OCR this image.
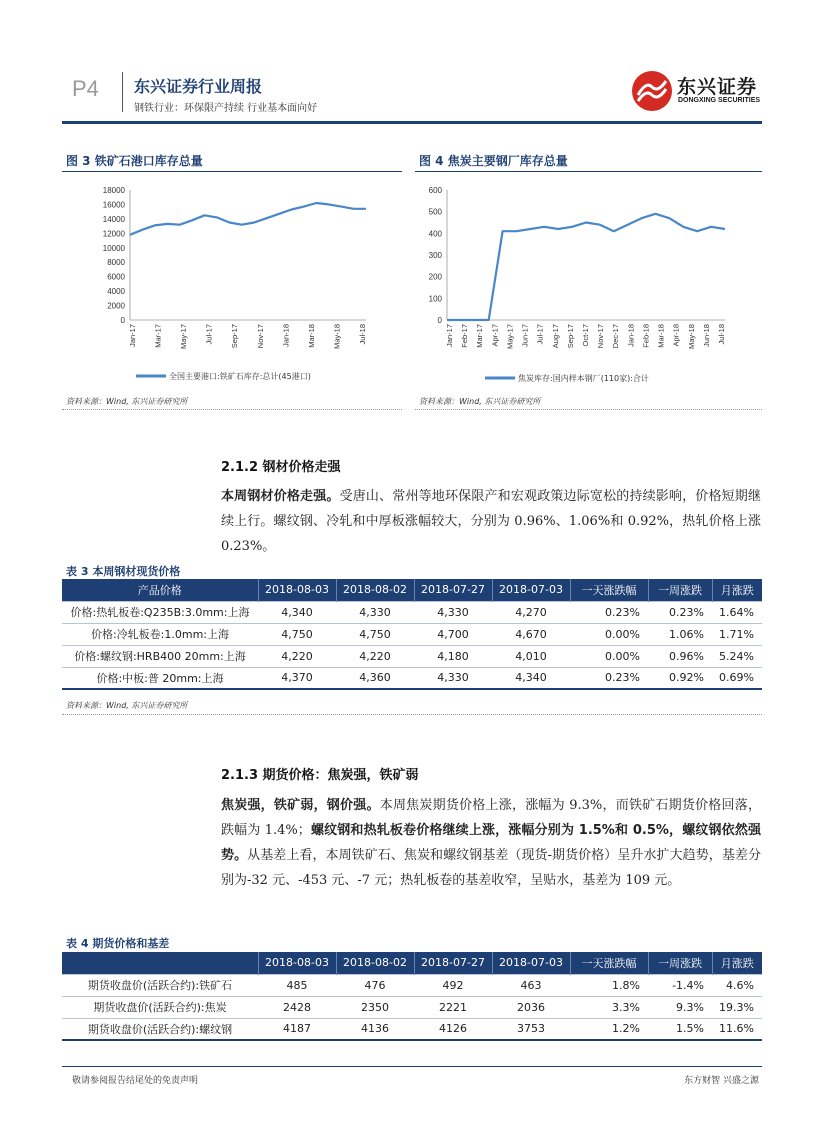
P4 东兴证券行业周报
钢铁行业：环保限产持续 行业基本面向好
东兴证券
DONGXING SECURITIES
图 3 铁矿石港口库存总量
0
2000
4000
6000
8000
10000
12000
14000
16000
18000
Jan-17 Mar-17 May-17 Jul-17 Sep-17 Nov-17 Jan-18 Mar-18 May-18 Jul-18
全国主要港口:铁矿石库存:总计(45港口)
资料来源：Wind, 东兴证券研究所
图 4 焦炭主要钢厂库存总量
0
100
200
300
400
500
600
Jan-17 Feb-17 Mar-17 Apr-17 May-17 Jun-17 Jul-17 Aug-17 Sep-17 Oct-17 Nov-17 Dec-17 Jan-18 Feb-18 Mar-18 Apr-18 May-18 Jun-18 Jul-18
焦炭库存:国内样本钢厂(110家):合计
资料来源：Wind, 东兴证券研究所
2.1.2 钢材价格走强
本周钢材价格走强。受唐山、常州等地环保限产和宏观政策边际宽松的持续影响，价格短期继续上行。螺纹钢、冷轧和中厚板涨幅较大，分别为 0.96%、1.06%和 0.92%，热轧价格上涨 0.23%。
表 3 本周钢材现货价格
产品价格	2018-08-03	2018-08-02	2018-07-27	2018-07-03	一天涨跌幅	一周涨跌	月涨跌
价格:热轧板卷:Q235B:3.0mm:上海	4,340	4,330	4,330	4,270	0.23%	0.23%	1.64%
价格:冷轧板卷:1.0mm:上海	4,750	4,750	4,700	4,670	0.00%	1.06%	1.71%
价格:螺纹钢:HRB400 20mm:上海	4,220	4,220	4,180	4,010	0.00%	0.96%	5.24%
价格:中板:普 20mm:上海	4,370	4,360	4,330	4,340	0.23%	0.92%	0.69%
资料来源：Wind, 东兴证券研究所
2.1.3 期货价格：焦炭强，铁矿弱
焦炭强，铁矿弱，钢价强。本周焦炭期货价格上涨，涨幅为 9.3%，而铁矿石期货价格回落，跌幅为 1.4%；螺纹钢和热轧板卷价格继续上涨，涨幅分别为 1.5%和 0.5%，螺纹钢依然强势。从基差上看，本周铁矿石、焦炭和螺纹钢基差（现货-期货价格）呈升水扩大趋势，基差分别为-32 元、-453 元、-7 元；热轧板卷的基差收窄，呈贴水，基差为 109 元。
表 4 期货价格和基差
	2018-08-03	2018-08-02	2018-07-27	2018-07-03	一天涨跌幅	一周涨跌	月涨跌
期货收盘价(活跃合约):铁矿石	485	476	492	463	1.8%	-1.4%	4.6%
期货收盘价(活跃合约):焦炭	2428	2350	2221	2036	3.3%	9.3%	19.3%
期货收盘价(活跃合约):螺纹钢	4187	4136	4126	3753	1.2%	1.5%	11.6%
敬请参阅报告结尾处的免责声明	东方财智 兴盛之源
